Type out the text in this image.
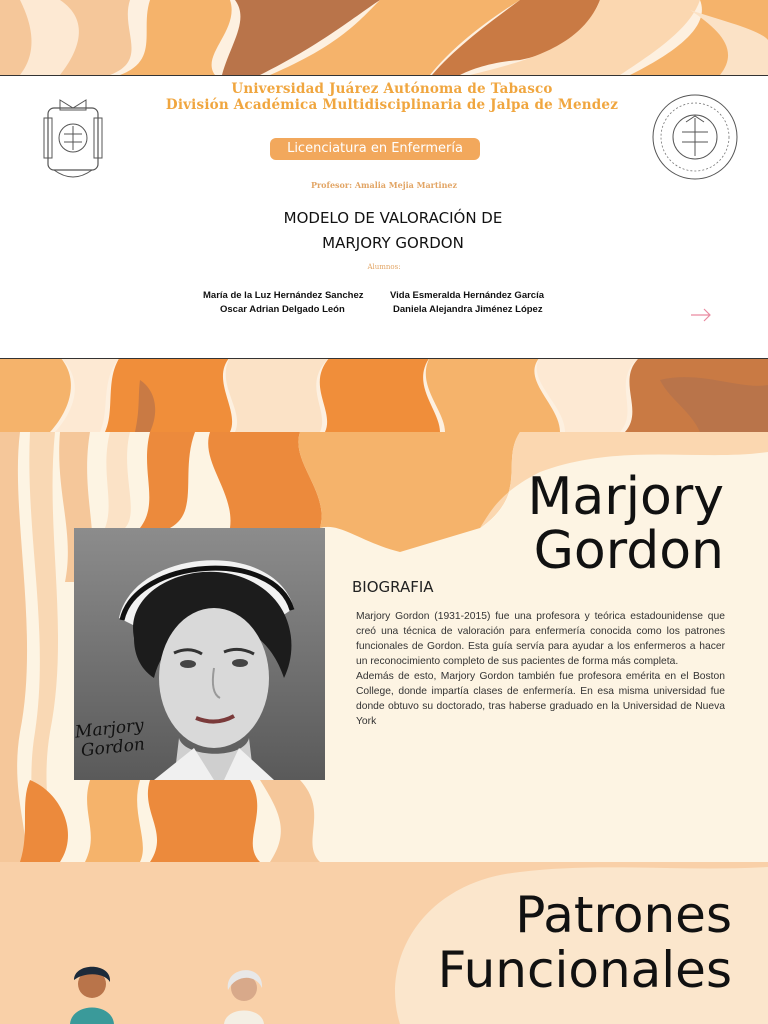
Universidad Juárez Autónoma de Tabasco
División Académica Multidisciplinaria de Jalpa de Mendez
Licenciatura en Enfermería
Profesor: Amalia Mejia Martinez
MODELO DE VALORACIÓN DE
MARJORY GORDON
Alumnos:
María de la Luz Hernández Sanchez	Vida Esmeralda Hernández García
Oscar Adrian Delgado León	Daniela Alejandra Jiménez López
Marjory
Gordon
Marjory
Gordon
BIOGRAFIA

Marjory Gordon (1931-2015) fue una profesora y teórica estadounidense que creó una técnica de valoración para enfermería conocida como los patrones funcionales de Gordon. Esta guía servía para ayudar a los enfermeros a hacer un reconocimiento completo de sus pacientes de forma más completa.

Además de esto, Marjory Gordon también fue profesora emérita en el Boston College, donde impartía clases de enfermería. En esa misma universidad fue donde obtuvo su doctorado, tras haberse graduado en la Universidad de Nueva York

Patrones
Funcionales
